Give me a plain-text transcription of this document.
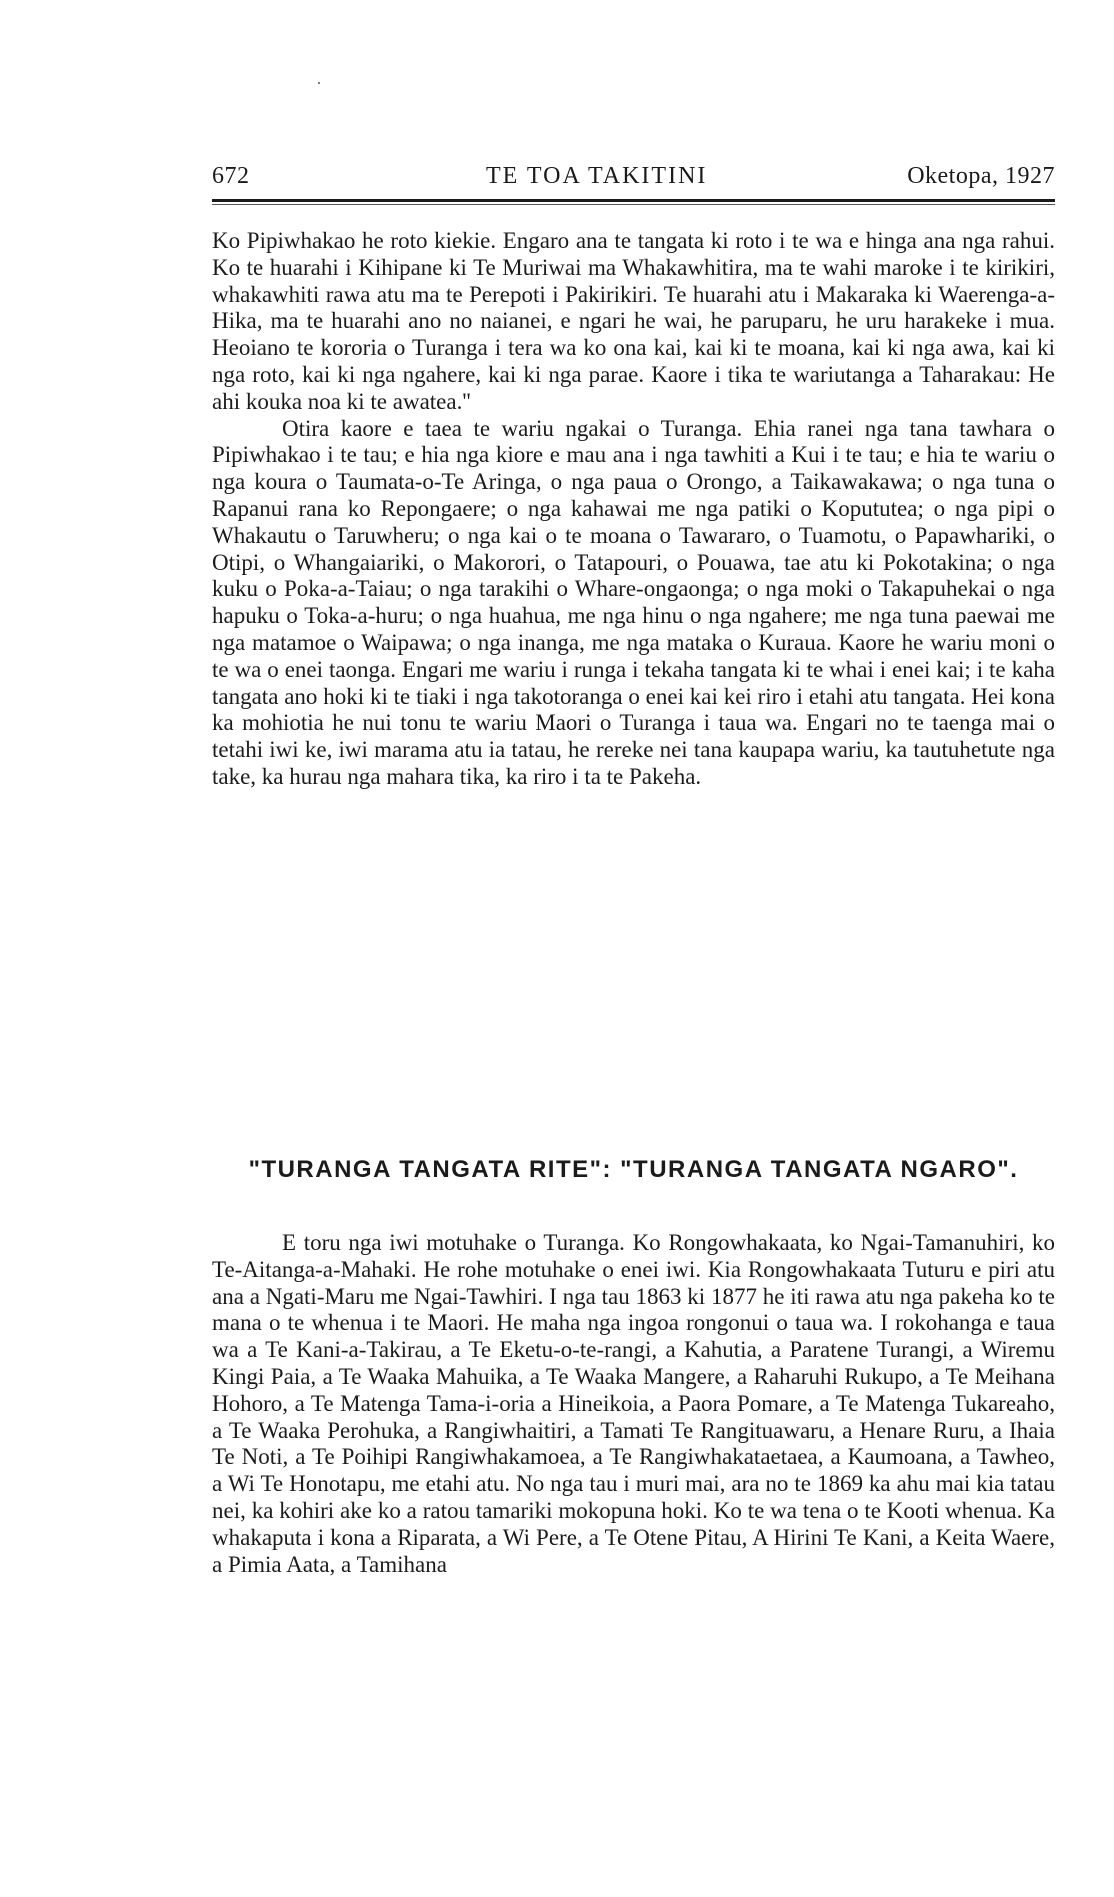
672	TE TOA TAKITINI	Oketopa, 1927

Ko Pipiwhakao he roto kiekie. Engaro ana te tangata ki roto i te wa e hinga ana nga rahui. Ko te huarahi i Kihipane ki Te Muriwai ma Whakawhitira, ma te wahi maroke i te kirikiri, whakawhiti rawa atu ma te Perepoti i Pakirikiri. Te huarahi atu i Makaraka ki Waerenga-a-Hika, ma te huarahi ano no naianei, e ngari he wai, he paruparu, he uru harakeke i mua. Heoiano te kororia o Turanga i tera wa ko ona kai, kai ki te moana, kai ki nga awa, kai ki nga roto, kai ki nga ngahere, kai ki nga parae. Kaore i tika te wariutanga a Taharakau: He ahi kouka noa ki te awatea.''

Otira kaore e taea te wariu ngakai o Turanga. Ehia ranei nga tana tawhara o Pipiwhakao i te tau; e hia nga kiore e mau ana i nga tawhiti a Kui i te tau; e hia te wariu o nga koura o Taumata-o-Te Aringa, o nga paua o Orongo, a Taikawakawa; o nga tuna o Rapanui rana ko Repongaere; o nga kahawai me nga patiki o Kopututea; o nga pipi o Whakautu o Taruwheru; o nga kai o te moana o Tawararo, o Tuamotu, o Papawhariki, o Otipi, o Whangaiariki, o Makorori, o Tatapouri, o Pouawa, tae atu ki Pokotakina; o nga kuku o Poka-a-Taiau; o nga tarakihi o Whare-ongaonga; o nga moki o Takapuhekai o nga hapuku o Toka-a-huru; o nga huahua, me nga hinu o nga ngahere; me nga tuna paewai me nga matamoe o Waipawa; o nga inanga, me nga mataka o Kuraua. Kaore he wariu moni o te wa o enei taonga. Engari me wariu i runga i tekaha tangata ki te whai i enei kai; i te kaha tangata ano hoki ki te tiaki i nga takotoranga o enei kai kei riro i etahi atu tangata. Hei kona ka mohiotia he nui tonu te wariu Maori o Turanga i taua wa. Engari no te taenga mai o tetahi iwi ke, iwi marama atu ia tatau, he rereke nei tana kaupapa wariu, ka tautuhetute nga take, ka hurau nga mahara tika, ka riro i ta te Pakeha.

"TURANGA TANGATA RITE": "TURANGA TANGATA NGARO".

E toru nga iwi motuhake o Turanga. Ko Rongowhakaata, ko Ngai-Tamanuhiri, ko Te-Aitanga-a-Mahaki. He rohe motuhake o enei iwi. Kia Rongowhakaata Tuturu e piri atu ana a Ngati-Maru me Ngai-Tawhiri. I nga tau 1863 ki 1877 he iti rawa atu nga pakeha ko te mana o te whenua i te Maori. He maha nga ingoa rongonui o taua wa. I rokohanga e taua wa a Te Kani-a-Takirau, a Te Eketu-o-te-rangi, a Kahutia, a Paratene Turangi, a Wiremu Kingi Paia, a Te Waaka Mahuika, a Te Waaka Mangere, a Raharuhi Rukupo, a Te Meihana Hohoro, a Te Matenga Tama-i-oria a Hineikoia, a Paora Pomare, a Te Matenga Tukareaho, a Te Waaka Perohuka, a Rangiwhaitiri, a Tamati Te Rangituawaru, a Henare Ruru, a Ihaia Te Noti, a Te Poihipi Rangiwhakamoea, a Te Rangiwhakataetaea, a Kaumoana, a Tawheo, a Wi Te Honotapu, me etahi atu. No nga tau i muri mai, ara no te 1869 ka ahu mai kia tatau nei, ka kohiri ake ko a ratou tamariki mokopuna hoki. Ko te wa tena o te Kooti whenua. Ka whakaputa i kona a Riparata, a Wi Pere, a Te Otene Pitau, A Hirini Te Kani, a Keita Waere, a Pimia Aata, a Tamihana
